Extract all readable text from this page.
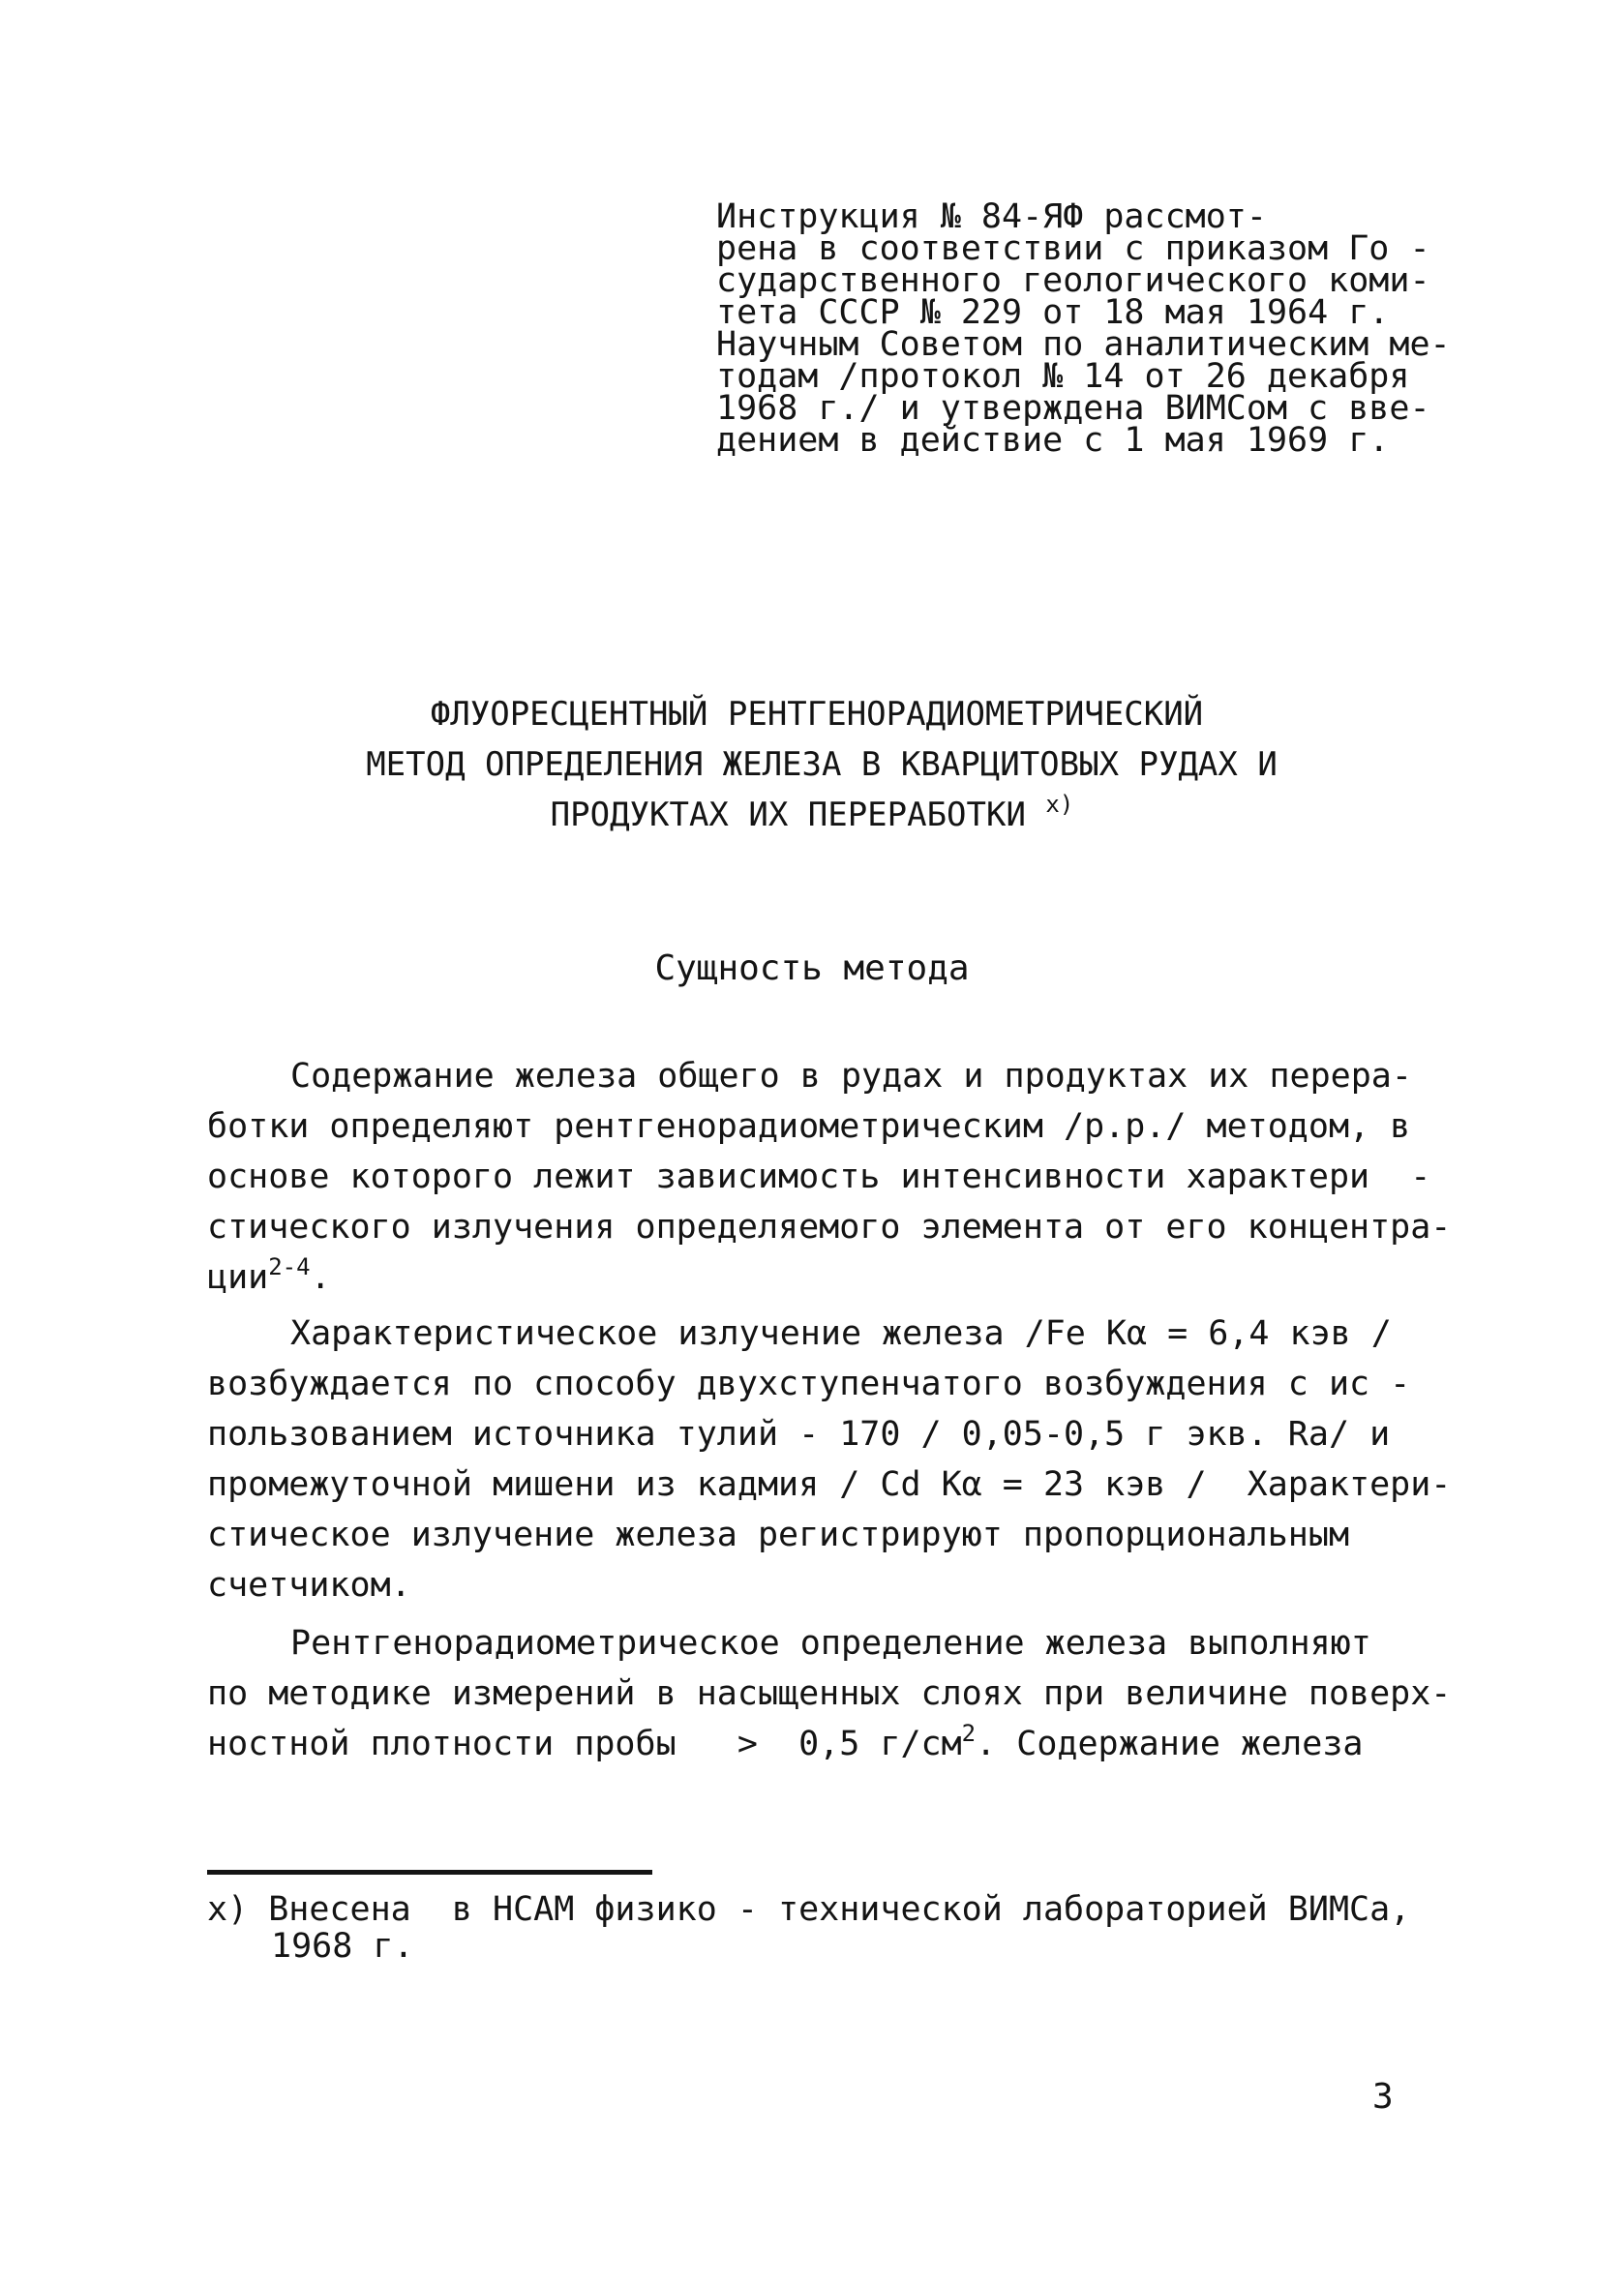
Инструкция № 84-ЯФ рассмот-
рена в соответствии с приказом Го -
сударственного геологического коми-
тета СССР № 229 от 18 мая 1964 г.
Научным Советом по аналитическим ме-
тодам /протокол № 14 от 26 декабря
1968 г./ и утверждена ВИМСом с вве-
дением в действие с 1 мая 1969 г.
ФЛУОРЕСЦЕНТНЫЙ РЕНТГЕНОРАДИОМЕТРИЧЕСКИЙ
МЕТОД ОПРЕДЕЛЕНИЯ ЖЕЛЕЗА В КВАРЦИТОВЫХ РУДАХ И
ПРОДУКТАХ ИХ ПЕРЕРАБОТКИ $^{x)}$
Сущность метода
Содержание железа общего в рудах и продуктах их перера-
ботки определяют рентгенорадиометрическим /р.р./ методом, в
основе которого лежит зависимость интенсивности характери  -
стического излучения определяемого элемента от его концентра-
ции$^{2-4}$.
Характеристическое излучение железа /Fe Kα = 6,4 кэв /
возбуждается по способу двухступенчатого возбуждения с ис -
пользованием источника тулий - 170 / 0,05-0,5 г экв. Ra/ и
промежуточной мишени из кадмия / Cd Kα = 23 кэв /  Характери-
стическое излучение железа регистрируют пропорциональным
счетчиком.
Рентгенорадиометрическое определение железа выполняют
по методике измерений в насыщенных слоях при величине поверх-
ностной плотности пробы   >  0,5 $г/см^2$. Содержание железа
x) Внесена  в НСАМ физико - технической лабораторией ВИМСа,
1968 г.
3
